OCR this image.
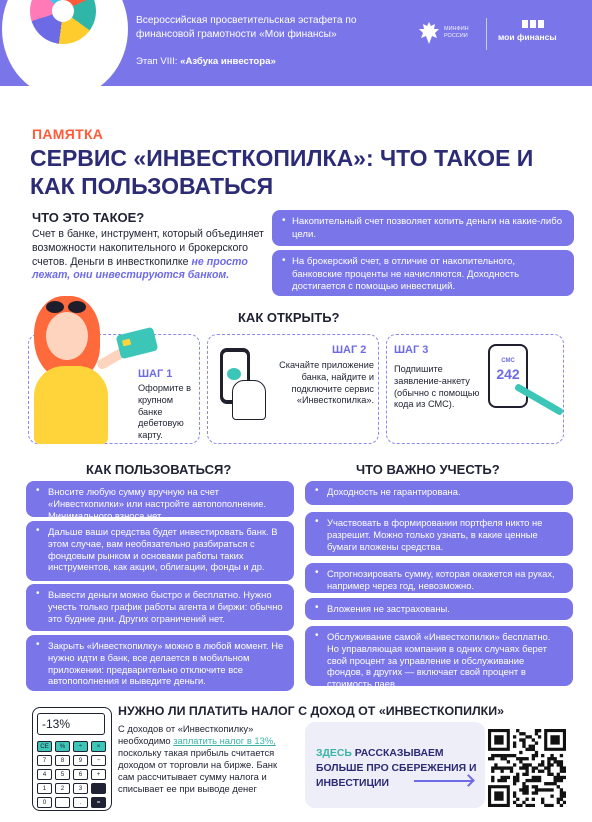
Всероссийская просветительская эстафета по финансовой грамотности «Мои финансы»
Этап VIII: «Азбука инвестора»
МИНФИН РОССИИ	мои финансы
ПАМЯТКА
СЕРВИС «ИНВЕСТКОПИЛКА»: ЧТО ТАКОЕ И КАК ПОЛЬЗОВАТЬСЯ
ЧТО ЭТО ТАКОЕ?
Счет в банке, инструмент, который объединяет возможности накопительного и брокерского счетов. Деньги в инвесткопилке не просто лежат, они инвестируются банком.
• Накопительный счет позволяет копить деньги на какие-либо цели.
• На брокерский счет, в отличие от накопительного, банковские проценты не начисляются. Доходность достигается с помощью инвестиций.
КАК ОТКРЫТЬ?
ШАГ 1
Оформите в крупном банке дебетовую карту.
ШАГ 2
Скачайте приложение банка, найдите и подключите сервис «Инвесткопилка».
ШАГ 3
Подпишите заявление-анкету (обычно с помощью кода из СМС).
СМС
242
КАК ПОЛЬЗОВАТЬСЯ?
• Вносите любую сумму вручную на счет «Инвесткопилки» или настройте автопополнение. Минимального взноса нет.
• Дальше ваши средства будет инвестировать банк. В этом случае, вам необязательно разбираться с фондовым рынком и основами работы таких инструментов, как акции, облигации, фонды и др.
• Вывести деньги можно быстро и бесплатно. Нужно учесть только график работы агента и биржи: обычно это будние дни. Других ограничений нет.
• Закрыть «Инвесткопилку» можно в любой момент. Не нужно идти в банк, все делается в мобильном приложении: предварительно отключите все автопополнения и выведите деньги.
ЧТО ВАЖНО УЧЕСТЬ?
• Доходность не гарантирована.
• Участвовать в формировании портфеля никто не разрешит. Можно только узнать, в какие ценные бумаги вложены средства.
• Спрогнозировать сумму, которая окажется на руках, например через год, невозможно.
• Вложения не застрахованы.
• Обслуживание самой «Инвесткопилки» бесплатно. Но управляющая компания в одних случаях берет свой процент за управление и обслуживание фондов, в других — включает свой процент в стоимость паев.
НУЖНО ЛИ ПЛАТИТЬ НАЛОГ С ДОХОД ОТ «ИНВЕСТКОПИЛКИ»
-13%
СЕ	%	÷	×
7	8	9	−
4	5	6	+
1	2	3
0	.	=
С доходов от «Инвесткопилку» необходимо заплатить налог в 13%, поскольку такая прибыль считается доходом от торговли на бирже. Банк сам рассчитывает сумму налога и списывает ее при выводе денег
ЗДЕСЬ РАССКАЗЫВАЕМ БОЛЬШЕ ПРО СБЕРЕЖЕНИЯ И ИНВЕСТИЦИИ
